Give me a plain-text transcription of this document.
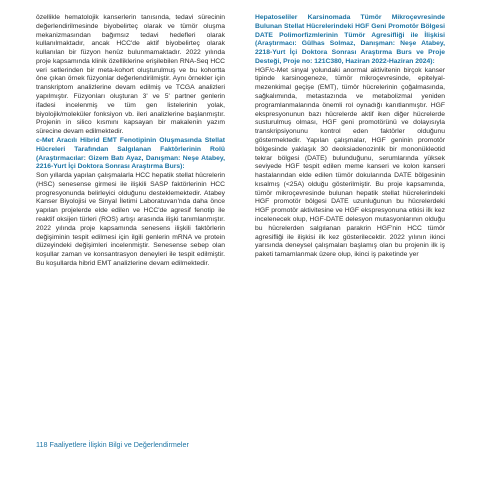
özellikle hematolojik kanserlerin tanısında, tedavi sürecinin değerlendirilmesinde biyobelirteç olarak ve tümör oluşma mekanizmasından bağımsız tedavi hedefleri olarak kullanılmaktadır, ancak HCC'de aktif biyobelirteç olarak kullanılan bir füzyon henüz bulunmamaktadır. 2022 yılında proje kapsamında klinik özelliklerine erişilebilen RNA-Seq HCC veri setlerinden bir meta-kohort oluşturulmuş ve bu kohortta öne çıkan örnek füzyonlar değerlendirilmiştir. Aynı örnekler için transkriptom analizlerine devam edilmiş ve TCGA analizleri yapılmıştır. Füzyonları oluşturan 3' ve 5' partner genlerin ifadesi incelenmiş ve tüm gen listelerinin yolak, biyolojik/moleküler fonksiyon vb. ileri analizlerine başlanmıştır. Projenin in silico kısmını kapsayan bir makalenin yazım sürecine devam edilmektedir.

c-Met Aracılı Hibrid EMT Fenotipinin Oluşmasında Stellat Hücreleri Tarafından Salgılanan Faktörlerinin Rolü (Araştırmacılar: Gizem Batı Ayaz, Danışman: Neşe Atabey, 2216-Yurt İçi Doktora Sonrası Araştırma Burs):

Son yıllarda yapılan çalışmalarla HCC hepatik stellat hücrelerin (HSC) senesense girmesi ile ilişkili SASP faktörlerinin HCC progresyonunda belirleyici olduğunu desteklemektedir. Atabey Kanser Biyolojisi ve Sinyal İletimi Laboratuvarı'nda daha önce yapılan projelerde elde edilen ve HCC'de agresif fenotip ile reaktif oksijen türleri (ROS) artışı arasında ilişki tanımlanmıştır. 2022 yılında proje kapsamında senesens ilişkili faktörlerin değişiminin tespit edilmesi için ilgili genlerin mRNA ve protein düzeyindeki değişimleri incelenmiştir. Senesense sebep olan koşullar zaman ve konsantrasyon deneyleri ile tespit edilmiştir. Bu koşullarda hibrid EMT analizlerine devam edilmektedir.

Hepatoseliler Karsinomada Tümör Mikroçevresinde Bulunan Stellat Hücrelerindeki HGF Geni Promotör Bölgesi DATE Polimorfizmlerinin Tümör Agresifliği ile İlişkisi (Araştırmacı: Gülhas Solmaz, Danışman: Neşe Atabey, 2218-Yurt İçi Doktora Sonrası Araştırma Burs ve Proje Desteği, Proje no: 121C380, Haziran 2022-Haziran 2024):

HGF/c-Met sinyal yolundaki anormal aktivitenin birçok kanser tipinde karsinogeneze, tümör mikroçevresinde, epitelyal-mezenkimal geçişe (EMT), tümör hücrelerinin çoğalmasında, sağkalımında, metastazında ve metabolizmal yeniden programlanmalarında önemli rol oynadığı kanıtlanmıştır. HGF ekspresyonunun bazı hücrelerde aktif iken diğer hücrelerde susturulmuş olması, HGF geni promotörünü ve dolayısıyla transkripsiyonunu kontrol eden faktörler olduğunu göstermektedir. Yapılan çalışmalar, HGF geninin promotör bölgesinde yaklaşık 30 deoksiadenozinlik bir mononükleotid tekrar bölgesi (DATE) bulunduğunu, serumlarında yüksek seviyede HGF tespit edilen meme kanseri ve kolon kanseri hastalarından elde edilen tümör dokularında DATE bölgesinin kısalmış (<25A) olduğu gösterilmiştir. Bu proje kapsamında, tümör mikroçevresinde bulunan hepatik stellat hücrelerindeki HGF promotör bölgesi DATE uzunluğunun bu hücrelerdeki HGF promotör aktivitesine ve HGF ekspresyonuna etkisi ilk kez incelenecek olup, HGF-DATE delesyon mutasyonlarının olduğu bu hücrelerden salgılanan parakrin HGF'nin HCC tümör agresifliği ile ilişkisi ilk kez gösterilecektir. 2022 yılının ikinci yarısında deneysel çalışmaları başlamış olan bu projenin ilk iş paketi tamamlanmak üzere olup, ikinci iş paketinde yer

118 Faaliyetlere İlişkin Bilgi ve Değerlendirmeler
